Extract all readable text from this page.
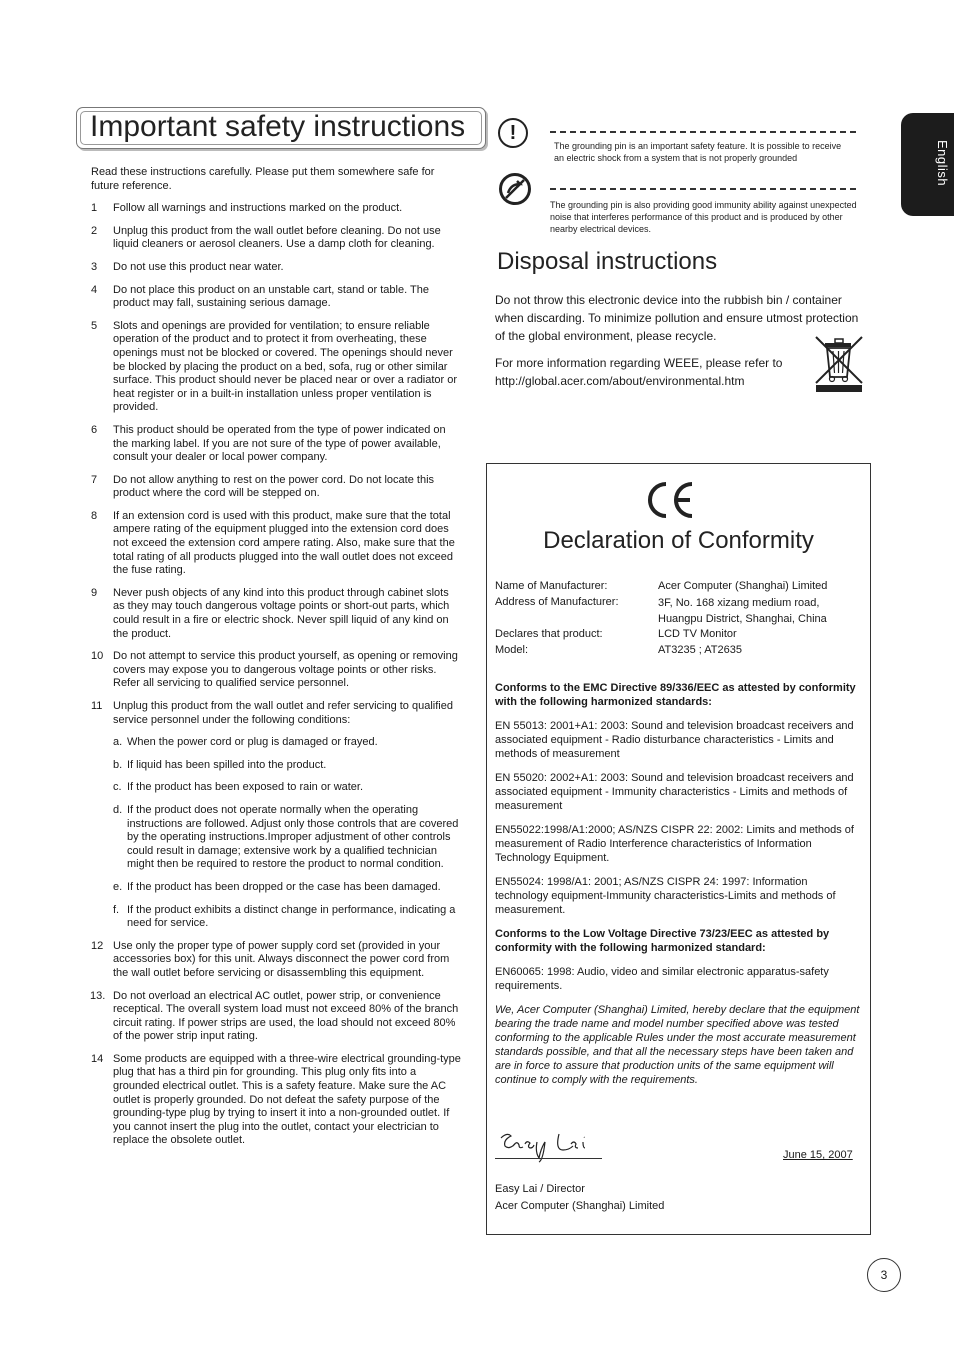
Important safety instructions

Read these instructions carefully. Please put them somewhere safe for future reference.

1 Follow all warnings and instructions marked on the product.
2 Unplug this product from the wall outlet before cleaning. Do not use liquid cleaners or aerosol cleaners. Use a damp cloth for cleaning.
3 Do not use this product near water.
4 Do not place this product on an unstable cart, stand or table. The product may fall, sustaining serious damage.
5 Slots and openings are provided for ventilation; to ensure reliable operation of the product and to protect it from overheating, these openings must not be blocked or covered. The openings should never be blocked by placing the product on a bed, sofa, rug or other similar surface. This product should never be placed near or over a radiator or heat register or in a built-in installation unless proper ventilation is provided.
6 This product should be operated from the type of power indicated on the marking label. If you are not sure of the type of power available, consult your dealer or local power company.
7 Do not allow anything to rest on the power cord. Do not locate this product where the cord will be stepped on.
8 If an extension cord is used with this product, make sure that the total ampere rating of the equipment plugged into the extension cord does not exceed the extension cord ampere rating. Also, make sure that the total rating of all products plugged into the wall outlet does not exceed the fuse rating.
9 Never push objects of any kind into this product through cabinet slots as they may touch dangerous voltage points or short-out parts, which could result in a fire or electric shock. Never spill liquid of any kind on the product.
10 Do not attempt to service this product yourself, as opening or removing covers may expose you to dangerous voltage points or other risks. Refer all servicing to qualified service personnel.
11 Unplug this product from the wall outlet and refer servicing to qualified service personnel under the following conditions:
a. When the power cord or plug is damaged or frayed.
b. If liquid has been spilled into the product.
c. If the product has been exposed to rain or water.
d. If the product does not operate normally when the operating instructions are followed. Adjust only those controls that are covered by the operating instructions.Improper adjustment of other controls could result in damage; extensive work by a qualified technician might then be required to restore the product to normal condition.
e. If the product has been dropped or the case has been damaged.
f. If the product exhibits a distinct change in performance, indicating a need for service.
12 Use only the proper type of power supply cord set (provided in your accessories box) for this unit. Always disconnect the power cord from the wall outlet before servicing or disassembling this equipment.
13. Do not overload an electrical AC outlet, power strip, or convenience receptical. The overall system load must not exceed 80% of the branch circuit rating. If power strips are used, the load should not exceed 80% of the power strip input rating.
14 Some products are equipped with a three-wire electrical grounding-type plug that has a third pin for grounding. This plug only fits into a grounded electrical outlet. This is a safety feature. Make sure the AC outlet is properly grounded. Do not defeat the safety purpose of the grounding-type plug by trying to insert it into a non-grounded outlet. If you cannot insert the plug into the outlet, contact your electrician to replace the obsolete outlet.
!
The grounding pin is an important safety feature. It is possible to receive an electric shock from a system that is not properly grounded
The grounding pin is also providing good immunity ability against unexpected noise that interferes performance of this product and is produced by other nearby electrical devices.
English
Disposal instructions

Do not throw this electronic device into the rubbish bin / container when discarding. To minimize pollution and ensure utmost protection of the global environment, please recycle.

For more information regarding WEEE, please refer to http://global.acer.com/about/environmental.htm

Declaration of Conformity
Name of Manufacturer:	Acer Computer (Shanghai) Limited
Address of Manufacturer:	3F, No. 168 xizang medium road, Huangpu District, Shanghai, China
Declares that product:	LCD TV Monitor
Model:	AT3235 ; AT2635

Conforms to the EMC Directive 89/336/EEC as attested by conformity with the following harmonized standards:

EN 55013: 2001+A1: 2003: Sound and television broadcast receivers and associated equipment - Radio disturbance characteristics - Limits and methods of measurement

EN 55020: 2002+A1: 2003: Sound and television broadcast receivers and associated equipment - Immunity characteristics - Limits and methods of measurement

EN55022:1998/A1:2000; AS/NZS CISPR 22: 2002: Limits and methods of measurement of Radio Interference characteristics of Information Technology Equipment.

EN55024: 1998/A1: 2001; AS/NZS CISPR 24: 1997: Information technology equipment-Immunity characteristics-Limits and methods of measurement.

Conforms to the Low Voltage Directive 73/23/EEC as attested by conformity with the following harmonized standard:

EN60065: 1998: Audio, video and similar electronic apparatus-safety requirements.

We, Acer Computer (Shanghai) Limited, hereby declare that the equipment bearing the trade name and model number specified above was tested conforming to the applicable Rules under the most accurate measurement standards possible, and that all the necessary steps have been taken and are in force to assure that production units of the same equipment will continue to comply with the requirements.

June 15, 2007
Easy Lai / Director
Acer Computer (Shanghai) Limited
3
